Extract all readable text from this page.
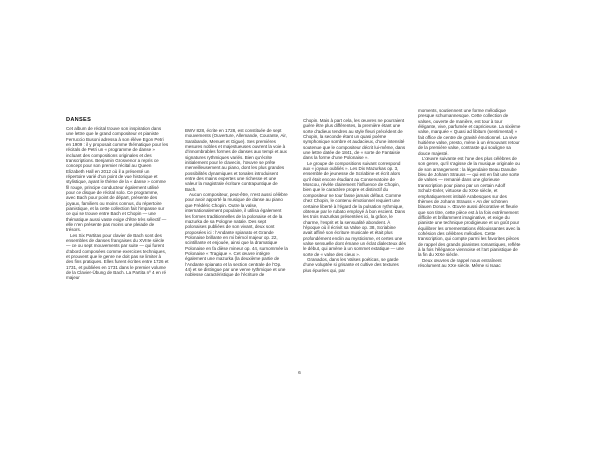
DANSES

Cet album de récital trouve son inspiration dans une lettre que le grand compositeur et pianiste Ferruccio Busoni adressa à son élève Egon Petri en 1909 : il y proposait comme thématique pour les récitals de Petri un « programme de danse » incluant des compositions originales et des transcriptions. Benjamin Grosvenor a repris ce concept pour son premier récital au Queen Elizabeth Hall en 2012 où il a présenté un répertoire varié d’un point de vue historique et stylistique, ayant le thème de la « danse » comme fil rouge, principe conducteur également utilisé pour ce disque de récital solo. Ce programme, avec Bach pour point de départ, présente des joyaux, familiers ou moins connus, du répertoire pianistique, et la cette collection fait l’impasse sur ce qui se trouve entre Bach et Chopin — une thématique aussi vaste exige d’être très sélectif — elle n’en présente pas moins une pleiade de trésors.

Les Six Partitas pour clavier de Bach sont des ensembles de danses françaises du XVIIIe siècle — ce ou sept mouvements par suite — qui furent d’abord composées comme exercices techniques, et prouvent que le genre ne doit pas se limiter à des fins pratiques. Elles furent écrites entre 1726 et 1731, et publiées en 1731 dans le premier volume de la Clavier-Übung de Bach. La Partita nº 4 en ré majeur

BWV 828, écrite en 1728, est constituée de sept mouvements (Ouverture, Allemande, Courante, Air, Sarabande, Menuet et Gigue). Ses premières mesures nobles et majestueuses ouvrent la voie à d’innombrables formes de danses aux tempi et aux signatures rythmiques variés. Bien qu’écrite initialement pour le clavecin, l’œuvre se prête merveilleusement au piano, dont les plus grandes possibilités dynamiques et tonales introduisent entre des mains expertes une richesse et une valeur la magistrale écriture contrapuntique de Bach.

Aucun compositeur, peut-être, n’est aussi célèbre pour avoir apporté la musique de danse au piano que Frédéric Chopin. Outre la valse, internationalement populaire, il utilisa également les formes traditionnelles de la polonaise et de la mazurka de sa Pologne natale. Des sept polonaises publiées de son vivant, deux sont proposées ici : l’Andante spianato et Grande Polonaise brillante en mi bémol majeur op. 22, scintillante et enjouée, ainsi que la dramatique Polonaise en fa dièse mineur op. 44, surnommée la Polonaise « Tragique ». Cet œuvre intègre également une mazurka (la deuxième partie de l’Andante spianato et la section centrale de l’Op. 44) et se distingue par une verve rythmique et une noblesse caractéristique de l’écriture de

Chopin. Mais à part cela, les œuvres ne pourraient guère être plus différentes, la première étant une sorte d’adieux tendres au style fleuri précédent de Chopin, la seconde étant un quasi poème symphonique sombre et audacieux, d’une intensité soutenue que le compositeur décrit lui-même, dans une lettre datée de 1841, de « sorte de Fantaisie dans la forme d’une Polonaise ».

Le groupe de compositions suivant correspond aux « joyaux oubliés ». Les Dix Mazurkas op. 3, ensemble de jeunesse de Scriabine et écrit alors qu’il était encore étudiant au Conservatoire de Moscou, révèle clairement l’influence de Chopin, bien que le caractère propre et distinctif du compositeur ne tour fasse jamais défaut. Comme chez Chopin, le contenu émotionnel requiert une certaine liberté à l’égard de la pulsation rythmique, obtenue par le rubato employé à bon escient. Dans les trois mazurkas présentées ici, la grâce, le charme, l’esprit et la sensualité abondent. À l’époque où il écrivit sa Valse op. 38, Scriabine avait affiné son écriture musicale et était plus profondément enclin au mysticisme, et certes une valse sensuelle dont émane un éclat dialecteux dès le début, qui amène à un sommet extatique — une sorte de « valse des cieux ».

Granados, dans les Valses poéticas, se garde d’une voluptée si grisante et cultive des textures plus épurées qui, par

moments, soutiennent une forme mélodique presque schumannesque. Cette collection de valses, ouverte de manière, est tour à tour élégante, vive, parfumée et capricieuse. La sixième valse, marquée « Quasi ad libitum (sentimental) » fait office de centre de gravité émotionnel. La vive huitième valse, presto, mène à un émouvant retour de la première valse, contraste qui souligne sa douce majesté.

L’œuvre suivante est l’une des plus célèbres de son genre, qu’il s’agisse de la musique originale ou de son arrangement : la légendaire Beau Danube bleu de Johann Strauss — qui est en fait une sorte de valses — remanié dans une glorieuse transcription pour piano par un certain Adolf Schulz-Evler, virtuose du XIXe siècle, et emphatiquement intitulé Arabesques sur des thèmes de Johann Strauss « An der schönen blauen Donau ». Œuvre aussi décorative et fleurie que son titre, cette pièce est à la fois extrêmement difficile et brillamment imaginative, et exige du pianiste une technique prodigieuse et un goût pour équilibrer les ornementations éblouissantes avec la cohésion des célèbres mélodies. Cette transcription, qui compte parmi les favorites pièces de rappel des grands pianistes romantiques, reflète à la fois l’élégance viennoise et l’art pianistique de la fin du XIXe siècle.

Deux œuvres de rappel nous entraînent résolument au XXe siècle. Même si Isaac

6
